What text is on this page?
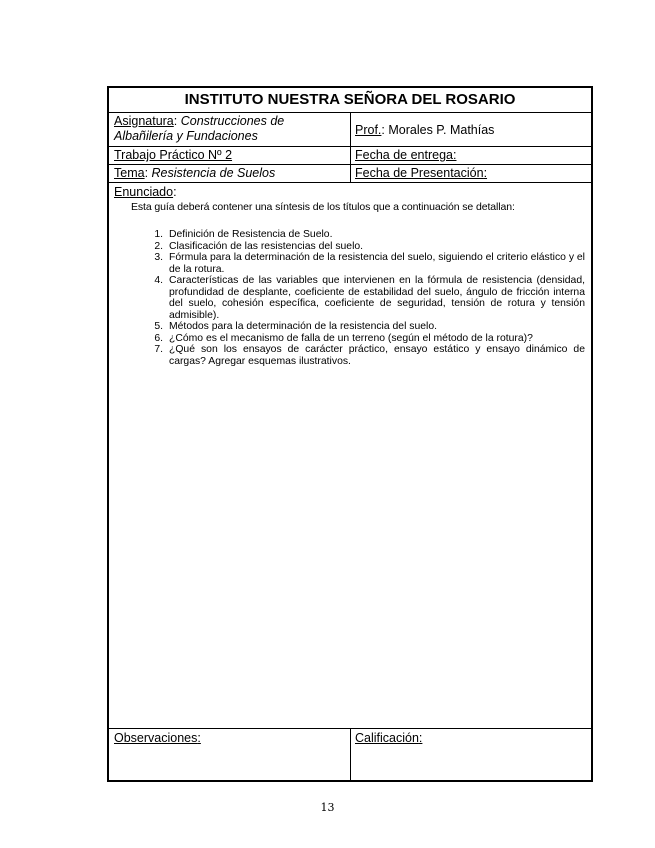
INSTITUTO NUESTRA SEÑORA DEL ROSARIO
Asignatura: Construcciones de
Albañilería y Fundaciones	Prof.: Morales P. Mathías
Trabajo Práctico Nº 2	Fecha de entrega:
Tema: Resistencia de Suelos	Fecha de Presentación:
Enunciado:
Esta guía deberá contener una síntesis de los títulos que a continuación se detallan:
1. Definición de Resistencia de Suelo.
2. Clasificación de las resistencias del suelo.
3. Fórmula para la determinación de la resistencia del suelo, siguiendo el criterio elástico y el de la rotura.
4. Características de las variables que intervienen en la fórmula de resistencia (densidad, profundidad de desplante, coeficiente de estabilidad del suelo, ángulo de fricción interna del suelo, cohesión específica, coeficiente de seguridad, tensión de rotura y tensión admisible).
5. Métodos para la determinación de la resistencia del suelo.
6. ¿Cómo es el mecanismo de falla de un terreno (según el método de la rotura)?
7. ¿Qué son los ensayos de carácter práctico, ensayo estático y ensayo dinámico de cargas? Agregar esquemas ilustrativos.
Observaciones:	Calificación:
13
